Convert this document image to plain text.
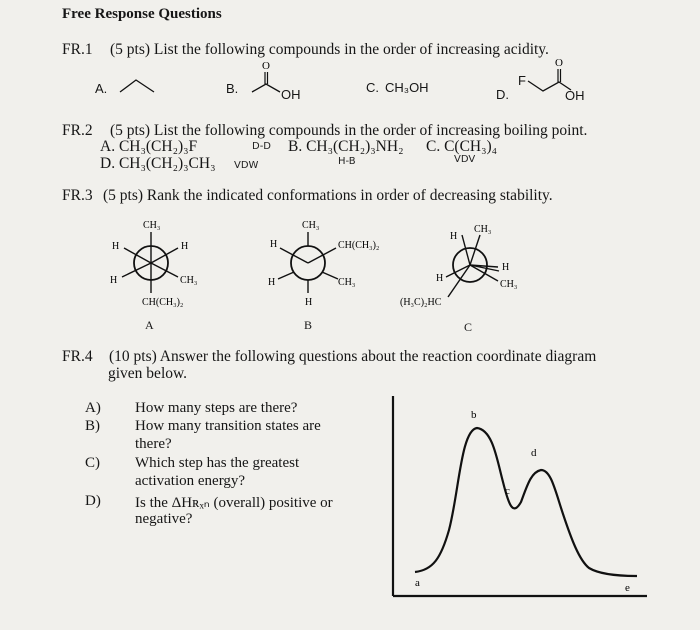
Free Response Questions
FR.1 (5 pts) List the following compounds in the order of increasing acidity.
A.	B.
O
OH	C. CH₃OH	D.
F
O
OH
FR.2 (5 pts) List the following compounds in the order of increasing boiling point.
A. CH₃(CH₂)₃F	D-D B. CH₃(CH₂)₃NH₂ C. C(CH₃)₄
D. CH₃(CH₂)₃CH₃ VDW	H-B	VDV
FR.3 (5 pts) Rank the indicated conformations in order of decreasing stability.
CH₃
H	H
H	CH₃
CH(CH₃)₂
A
CH₃
H	CH(CH₃)₂
H	CH₃
H
B
H
CH₃
H
H
CH₃
(H₃C)₂HC
C
FR.4 (10 pts) Answer the following questions about the reaction coordinate diagram
given below.
A) How many steps are there?
B) How many transition states are
there?
C) Which step has the greatest
activation energy?
D) Is the ΔHʀₓₙ (overall) positive or
negative?
b
d
c
a	e
